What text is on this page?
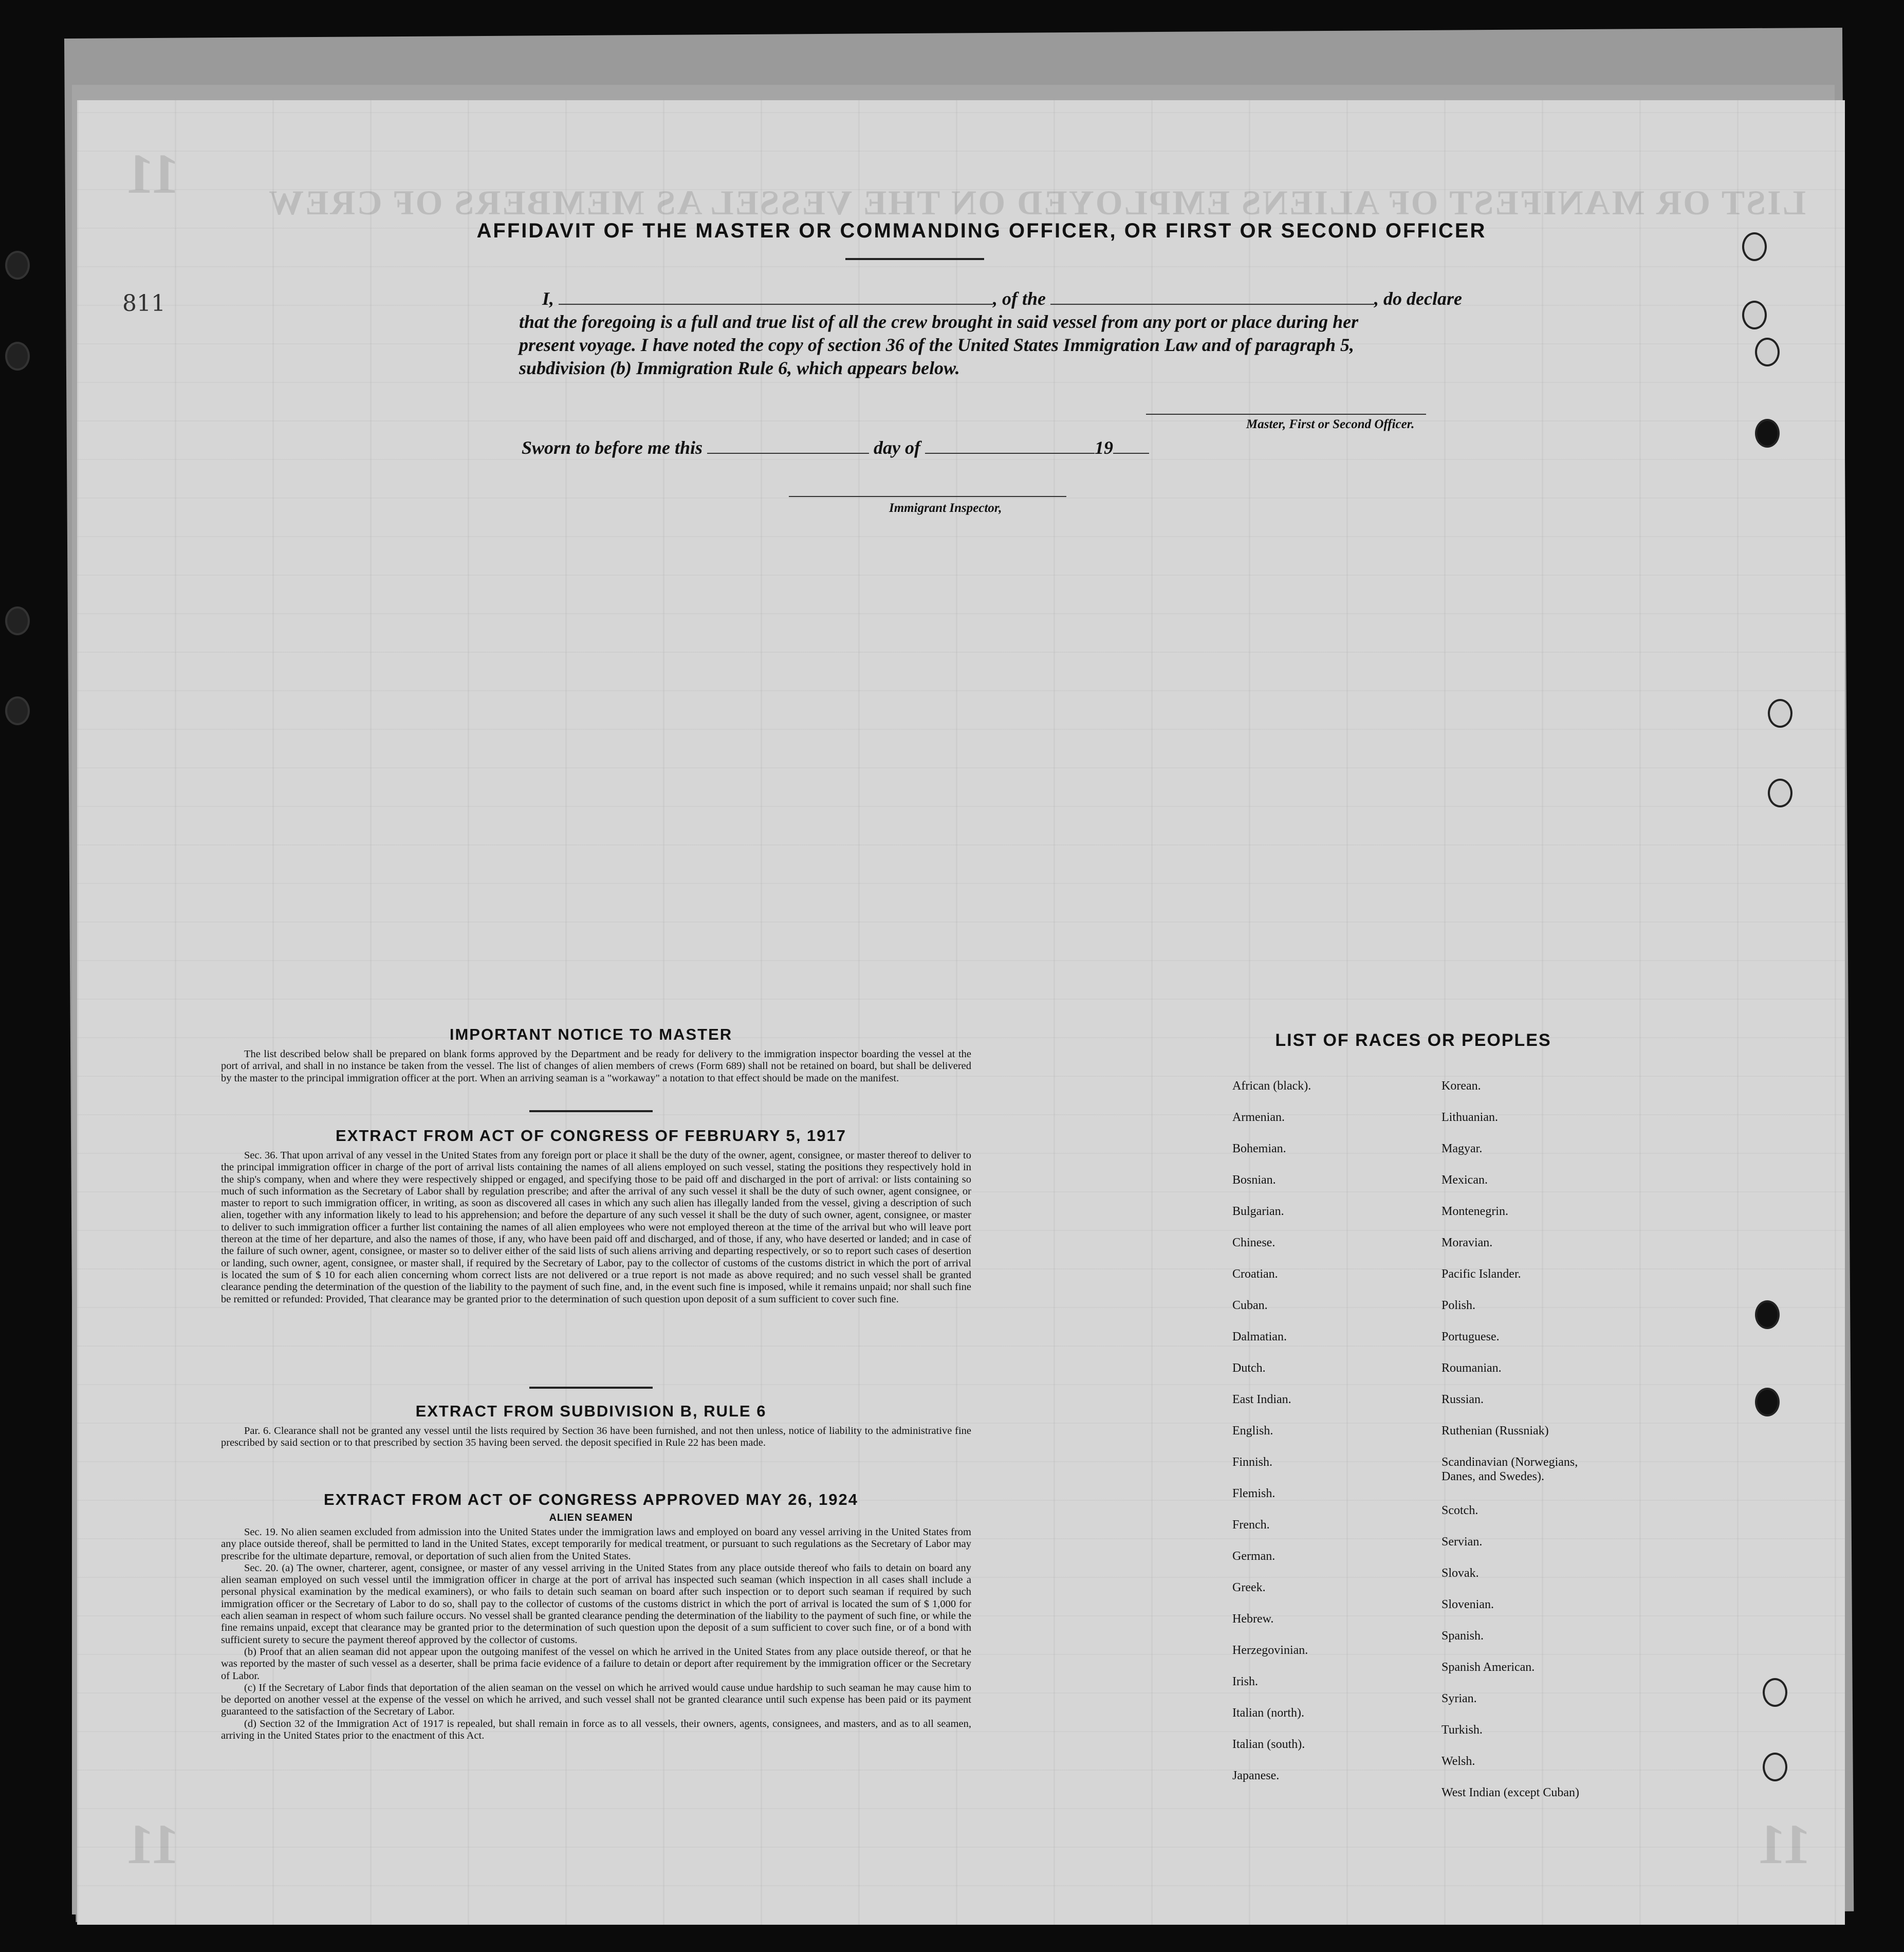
LIST OR MANIFEST OF ALIENS EMPLOYED ON THE VESSEL AS MEMBERS OF CREW
11
11	11
811
AFFIDAVIT OF THE MASTER OR COMMANDING OFFICER, OR FIRST OR SECOND OFFICER
I,	, of the	, do declare
that the foregoing is a full and true list of all the crew brought in said vessel from any port or place during her
present voyage. I have noted the copy of section 36 of the United States Immigration Law and of paragraph 5,
subdivision (b) Immigration Rule 6, which appears below.
Master, First or Second Officer.
Sworn to before me this	day of	19
Immigrant Inspector,
IMPORTANT NOTICE TO MASTER

The list described below shall be prepared on blank forms approved by the Department and be ready for delivery to the immigration inspector boarding the vessel at the port of arrival, and shall in no instance be taken from the vessel. The list of changes of alien members of crews (Form 689) shall not be retained on board, but shall be delivered by the master to the principal immigration officer at the port. When an arriving seaman is a "workaway" a notation to that effect should be made on the manifest.

EXTRACT FROM ACT OF CONGRESS OF FEBRUARY 5, 1917

Sec. 36. That upon arrival of any vessel in the United States from any foreign port or place it shall be the duty of the owner, agent, consignee, or master thereof to deliver to the principal immigration officer in charge of the port of arrival lists containing the names of all aliens employed on such vessel, stating the positions they respectively hold in the ship's company, when and where they were respectively shipped or engaged, and specifying those to be paid off and discharged in the port of arrival: or lists containing so much of such information as the Secretary of Labor shall by regulation prescribe; and after the arrival of any such vessel it shall be the duty of such owner, agent consignee, or master to report to such immigration officer, in writing, as soon as discovered all cases in which any such alien has illegally landed from the vessel, giving a description of such alien, together with any information likely to lead to his apprehension; and before the departure of any such vessel it shall be the duty of such owner, agent, consignee, or master to deliver to such immigration officer a further list containing the names of all alien employees who were not employed thereon at the time of the arrival but who will leave port thereon at the time of her departure, and also the names of those, if any, who have been paid off and discharged, and of those, if any, who have deserted or landed; and in case of the failure of such owner, agent, consignee, or master so to deliver either of the said lists of such aliens arriving and departing respectively, or so to report such cases of desertion or landing, such owner, agent, consignee, or master shall, if required by the Secretary of Labor, pay to the collector of customs of the customs district in which the port of arrival is located the sum of $ 10 for each alien concerning whom correct lists are not delivered or a true report is not made as above required; and no such vessel shall be granted clearance pending the determination of the question of the liability to the payment of such fine, and, in the event such fine is imposed, while it remains unpaid; nor shall such fine be remitted or refunded: Provided, That clearance may be granted prior to the determination of such question upon deposit of a sum sufficient to cover such fine.

EXTRACT FROM SUBDIVISION B, RULE 6

Par. 6. Clearance shall not be granted any vessel until the lists required by Section 36 have been furnished, and not then unless, notice of liability to the administrative fine prescribed by said section or to that prescribed by section 35 having been served. the deposit specified in Rule 22 has been made.

EXTRACT FROM ACT OF CONGRESS APPROVED MAY 26, 1924
ALIEN SEAMEN

Sec. 19. No alien seamen excluded from admission into the United States under the immigration laws and employed on board any vessel arriving in the United States from any place outside thereof, shall be permitted to land in the United States, except temporarily for medical treatment, or pursuant to such regulations as the Secretary of Labor may prescribe for the ultimate departure, removal, or deportation of such alien from the United States.

Sec. 20. (a) The owner, charterer, agent, consignee, or master of any vessel arriving in the United States from any place outside thereof who fails to detain on board any alien seaman employed on such vessel until the immigration officer in charge at the port of arrival has inspected such seaman (which inspection in all cases shall include a personal physical examination by the medical examiners), or who fails to detain such seaman on board after such inspection or to deport such seaman if required by such immigration officer or the Secretary of Labor to do so, shall pay to the collector of customs of the customs district in which the port of arrival is located the sum of $ 1,000 for each alien seaman in respect of whom such failure occurs. No vessel shall be granted clearance pending the determination of the liability to the payment of such fine, or while the fine remains unpaid, except that clearance may be granted prior to the determination of such question upon the deposit of a sum sufficient to cover such fine, or of a bond with sufficient surety to secure the payment thereof approved by the collector of customs.

(b) Proof that an alien seaman did not appear upon the outgoing manifest of the vessel on which he arrived in the United States from any place outside thereof, or that he was reported by the master of such vessel as a deserter, shall be prima facie evidence of a failure to detain or deport after requirement by the immigration officer or the Secretary of Labor.

(c) If the Secretary of Labor finds that deportation of the alien seaman on the vessel on which he arrived would cause undue hardship to such seaman he may cause him to be deported on another vessel at the expense of the vessel on which he arrived, and such vessel shall not be granted clearance until such expense has been paid or its payment guaranteed to the satisfaction of the Secretary of Labor.

(d) Section 32 of the Immigration Act of 1917 is repealed, but shall remain in force as to all vessels, their owners, agents, consignees, and masters, and as to all seamen, arriving in the United States prior to the enactment of this Act.

LIST OF RACES OR PEOPLES
African (black).
Armenian.
Bohemian.
Bosnian.
Bulgarian.
Chinese.
Croatian.
Cuban.
Dalmatian.
Dutch.
East Indian.
English.
Finnish.
Flemish.
French.
German.
Greek.
Hebrew.
Herzegovinian.
Irish.
Italian (north).
Italian (south).
Japanese.
Korean.
Lithuanian.
Magyar.
Mexican.
Montenegrin.
Moravian.
Pacific Islander.
Polish.
Portuguese.
Roumanian.
Russian.
Ruthenian (Russniak)
Scandinavian (Norwegians,
Danes, and Swedes).
Scotch.
Servian.
Slovak.
Slovenian.
Spanish.
Spanish American.
Syrian.
Turkish.
Welsh.
West Indian (except Cuban)
